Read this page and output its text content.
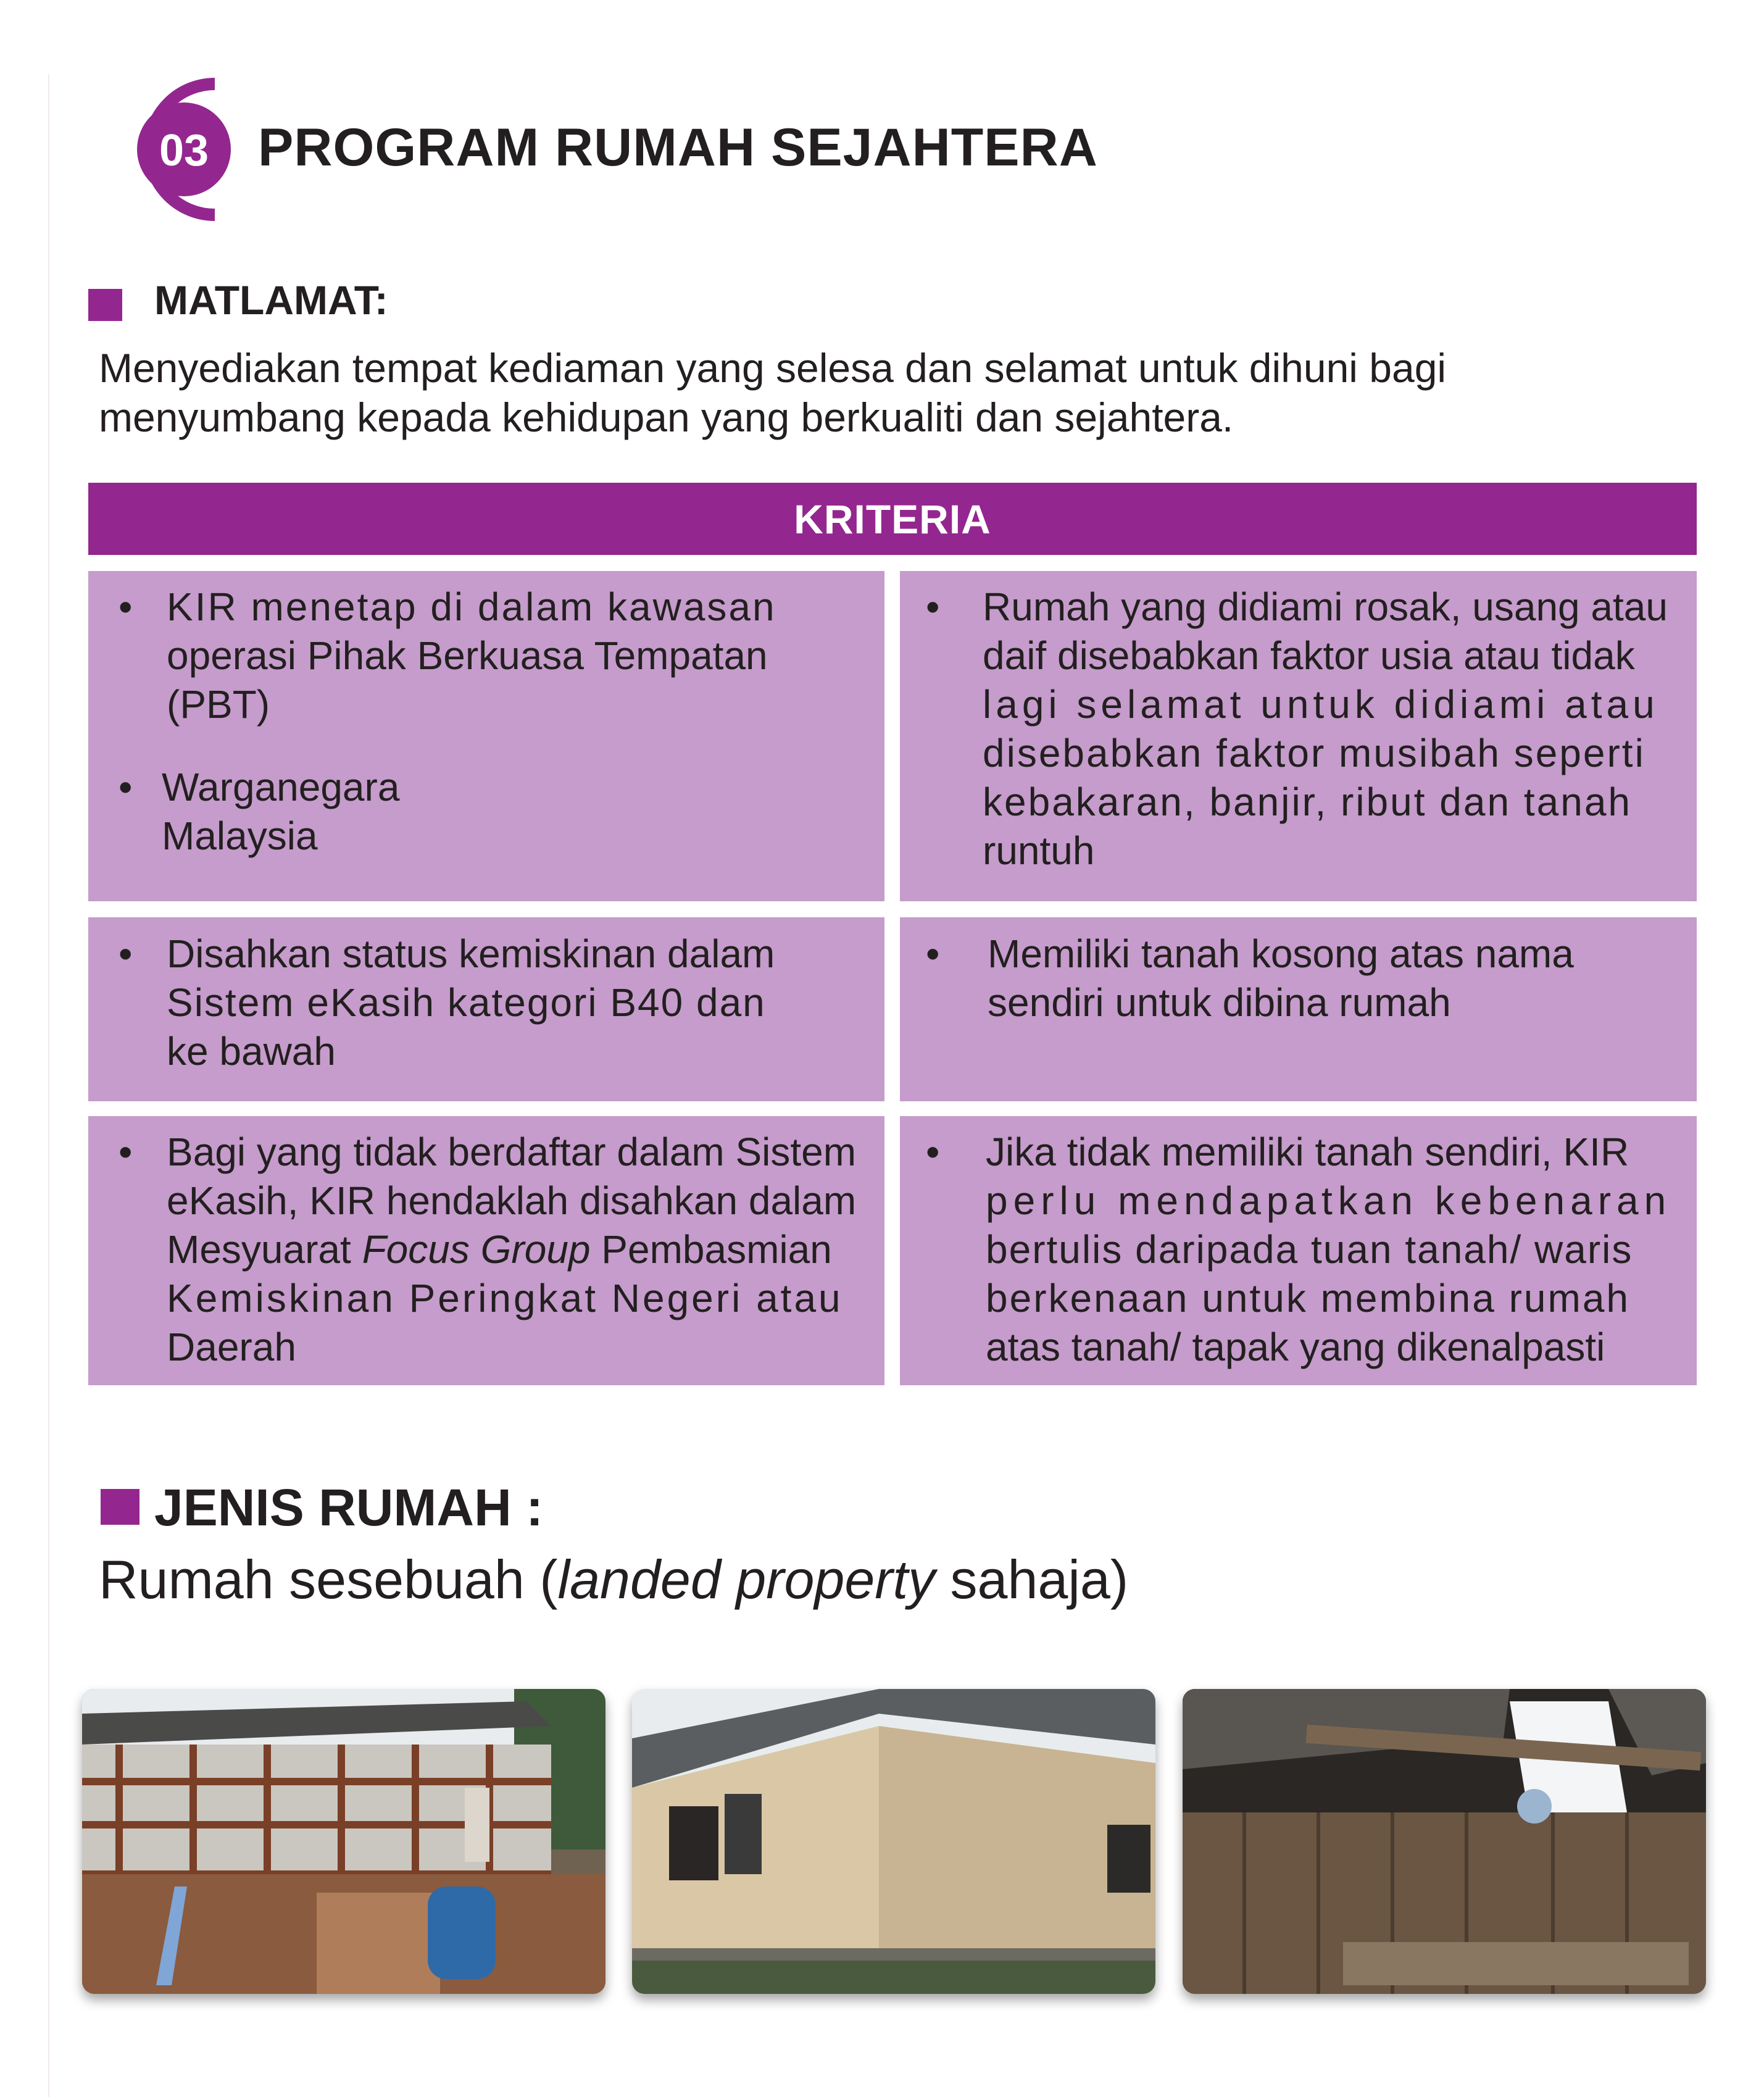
03 PROGRAM RUMAH SEJAHTERA
MATLAMAT:
Menyediakan tempat kediaman yang selesa dan selamat untuk dihuni bagi
menyumbang kepada kehidupan yang berkualiti dan sejahtera.
KRITERIA
• KIR menetap di dalam kawasan
operasi Pihak Berkuasa Tempatan
(PBT)
• Warganegara
Malaysia
• Rumah yang didiami rosak, usang atau
daif disebabkan faktor usia atau tidak
lagi selamat untuk didiami atau
disebabkan faktor musibah seperti
kebakaran, banjir, ribut dan tanah
runtuh
• Disahkan status kemiskinan dalam
Sistem eKasih kategori B40 dan
ke bawah
• Memiliki tanah kosong atas nama
sendiri untuk dibina rumah
• Bagi yang tidak berdaftar dalam Sistem
eKasih, KIR hendaklah disahkan dalam
Mesyuarat Focus Group Pembasmian
Kemiskinan Peringkat Negeri atau
Daerah
• Jika tidak memiliki tanah sendiri, KIR
perlu mendapatkan kebenaran
bertulis daripada tuan tanah/ waris
berkenaan untuk membina rumah
atas tanah/ tapak yang dikenalpasti
JENIS RUMAH :
Rumah sesebuah (landed property sahaja)
